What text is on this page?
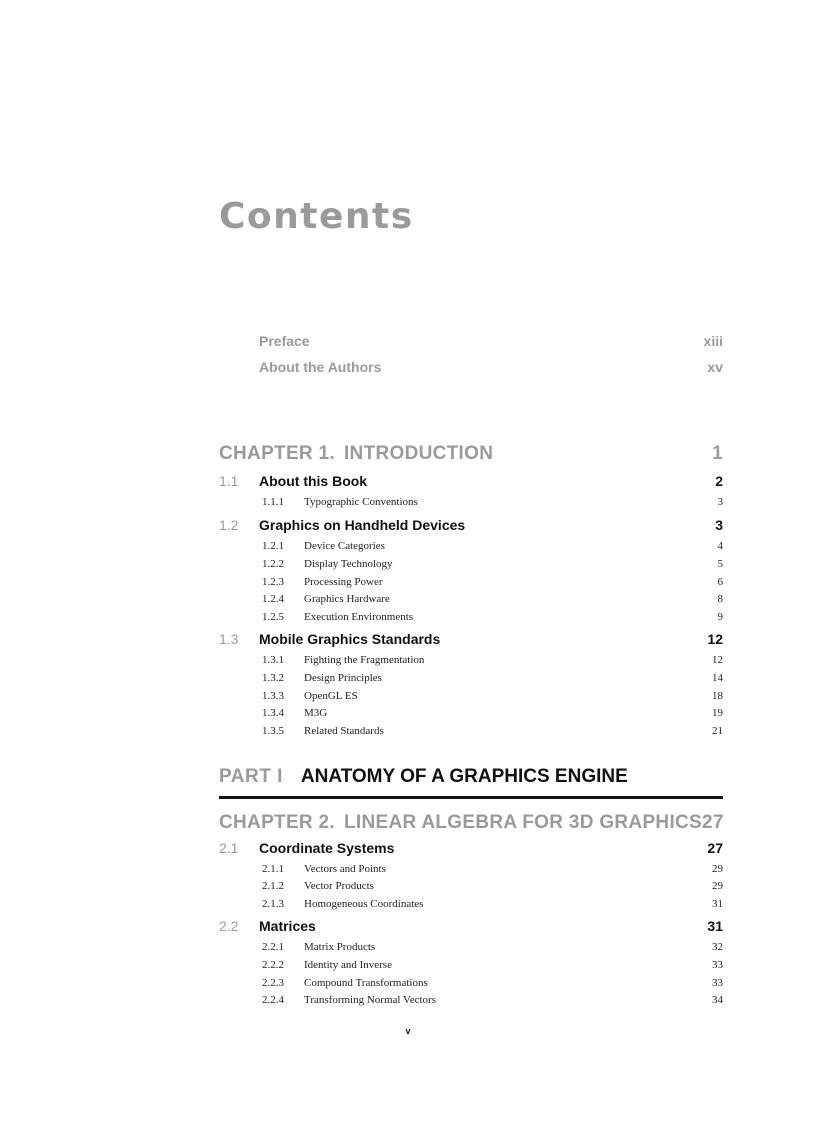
Contents
Preface	xiii
About the Authors	xv
CHAPTER 1. INTRODUCTION	1
1.1	About this Book	2
1.1.1	Typographic Conventions	3
1.2	Graphics on Handheld Devices	3
1.2.1	Device Categories	4
1.2.2	Display Technology	5
1.2.3	Processing Power	6
1.2.4	Graphics Hardware	8
1.2.5	Execution Environments	9
1.3	Mobile Graphics Standards	12
1.3.1	Fighting the Fragmentation	12
1.3.2	Design Principles	14
1.3.3	OpenGL ES	18
1.3.4	M3G	19
1.3.5	Related Standards	21
PART I ANATOMY OF A GRAPHICS ENGINE
CHAPTER 2. LINEAR ALGEBRA FOR 3D GRAPHICS 27
2.1	Coordinate Systems	27
2.1.1	Vectors and Points	29
2.1.2	Vector Products	29
2.1.3	Homogeneous Coordinates	31
2.2	Matrices	31
2.2.1	Matrix Products	32
2.2.2	Identity and Inverse	33
2.2.3	Compound Transformations	33
2.2.4	Transforming Normal Vectors	34
v
